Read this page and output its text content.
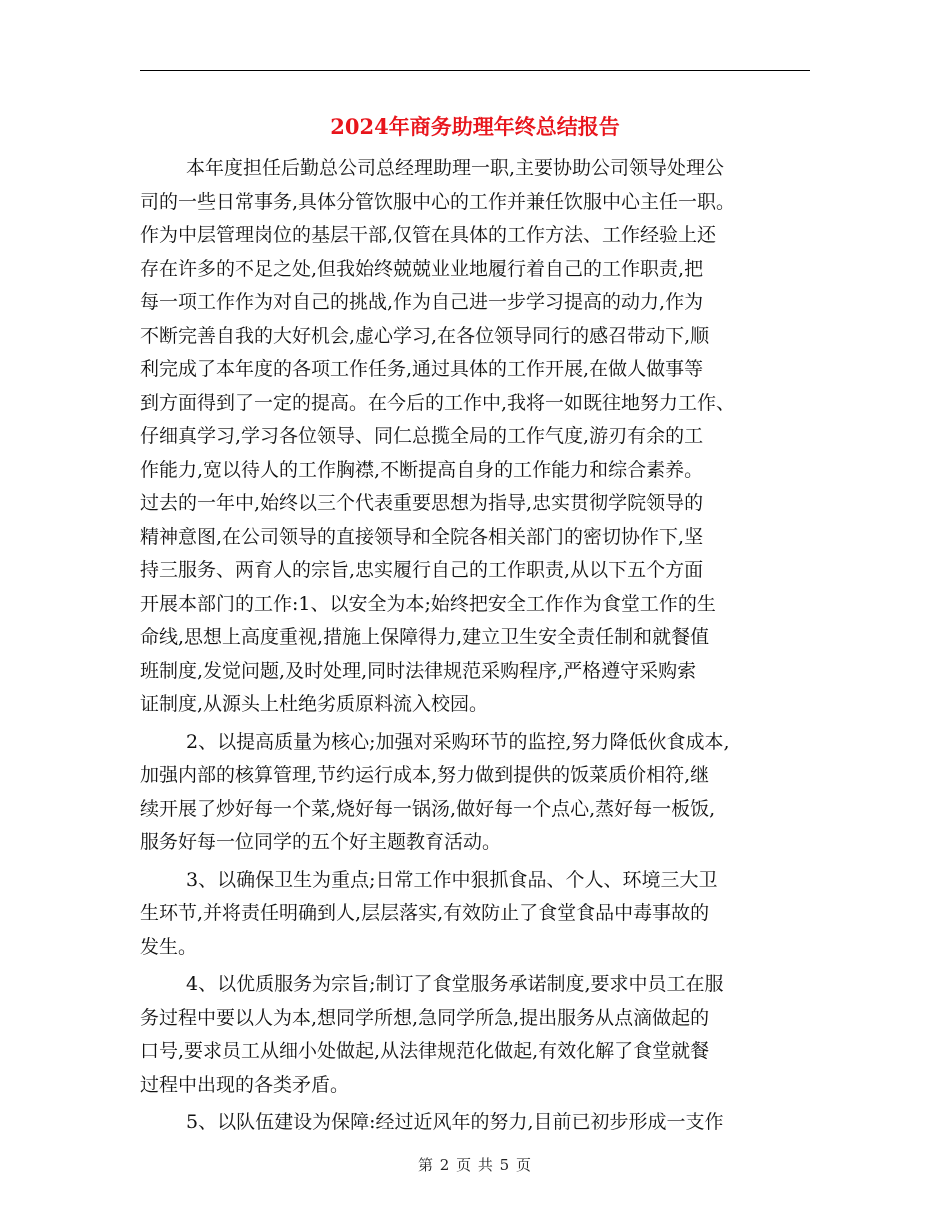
2024年商务助理年终总结报告
本年度担任后勤总公司总经理助理一职,主要协助公司领导处理公
司的一些日常事务,具体分管饮服中心的工作并兼任饮服中心主任一职。
作为中层管理岗位的基层干部,仅管在具体的工作方法、工作经验上还
存在许多的不足之处,但我始终兢兢业业地履行着自己的工作职责,把
每一项工作作为对自己的挑战,作为自己进一步学习提高的动力,作为
不断完善自我的大好机会,虚心学习,在各位领导同行的感召带动下,顺
利完成了本年度的各项工作任务,通过具体的工作开展,在做人做事等
到方面得到了一定的提高。在今后的工作中,我将一如既往地努力工作、
仔细真学习,学习各位领导、同仁总揽全局的工作气度,游刃有余的工
作能力,宽以待人的工作胸襟,不断提高自身的工作能力和综合素养。
过去的一年中,始终以三个代表重要思想为指导,忠实贯彻学院领导的
精神意图,在公司领导的直接领导和全院各相关部门的密切协作下,坚
持三服务、两育人的宗旨,忠实履行自己的工作职责,从以下五个方面
开展本部门的工作:1、以安全为本;始终把安全工作作为食堂工作的生
命线,思想上高度重视,措施上保障得力,建立卫生安全责任制和就餐值
班制度,发觉问题,及时处理,同时法律规范采购程序,严格遵守采购索
证制度,从源头上杜绝劣质原料流入校园。
2、以提高质量为核心;加强对采购环节的监控,努力降低伙食成本,
加强内部的核算管理,节约运行成本,努力做到提供的饭菜质价相符,继
续开展了炒好每一个菜,烧好每一锅汤,做好每一个点心,蒸好每一板饭,
服务好每一位同学的五个好主题教育活动。
3、以确保卫生为重点;日常工作中狠抓食品、个人、环境三大卫
生环节,并将责任明确到人,层层落实,有效防止了食堂食品中毒事故的
发生。
4、以优质服务为宗旨;制订了食堂服务承诺制度,要求中员工在服
务过程中要以人为本,想同学所想,急同学所急,提出服务从点滴做起的
口号,要求员工从细小处做起,从法律规范化做起,有效化解了食堂就餐
过程中出现的各类矛盾。
5、以队伍建设为保障:经过近风年的努力,目前已初步形成一支作
第 2 页 共 5 页
